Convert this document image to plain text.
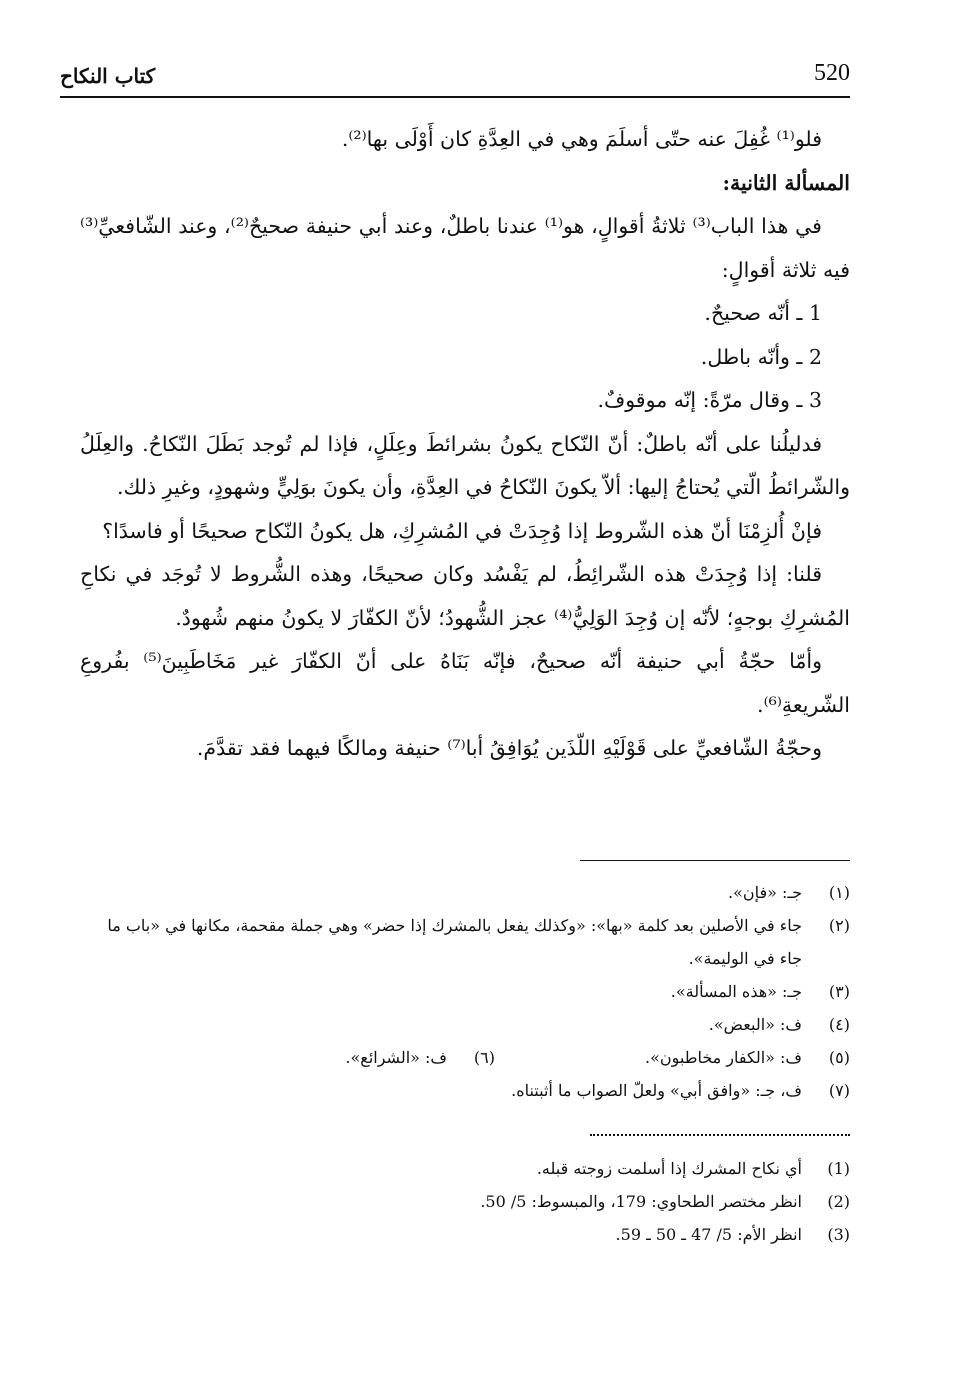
520
كتاب النكاح

فلو⁽¹⁾ غُفِلَ عنه حتّى أسلَمَ وهي في العِدَّةِ كان أَوْلَى بها⁽²⁾.

المسألة الثانية:

في هذا الباب⁽³⁾ ثلاثةُ أقوالٍ، هو⁽¹⁾ عندنا باطلٌ، وعند أبي حنيفة صحيحٌ⁽²⁾، وعند الشّافعيِّ⁽³⁾ فيه ثلاثة أقوالٍ:

1 ـ أنّه صحيحٌ.

2 ـ وأنّه باطل.

3 ـ وقال مرّةً: إنّه موقوفٌ.

فدليلُنا على أنّه باطلٌ: أنّ النّكاح يكونُ بشرائطَ وعِلَلٍ، فإذا لم تُوجد بَطَلَ النّكاحُ. والعِلَلُ والشّرائطُ الّتي يُحتاجُ إليها: ألاّ يكونَ النّكاحُ في العِدَّةِ، وأن يكونَ بوَلِيٍّ وشهودٍ، وغيرِ ذلك.

فإنْ أُلزِمْنَا أنّ هذه الشّروط إذا وُجِدَتْ في المُشرِكِ، هل يكونُ النّكاح صحيحًا أو فاسدًا؟

قلنا: إذا وُجِدَتْ هذه الشّرائِطُ، لم يَفْسُد وكان صحيحًا، وهذه الشُّروط لا تُوجَد في نكاحِ المُشرِكِ بوجهٍ؛ لأنّه إن وُجِدَ الوَلِيُّ⁽⁴⁾ عجز الشُّهودُ؛ لأنّ الكفّارَ لا يكونُ منهم شُهودٌ.

وأمّا حجّةُ أبي حنيفة أنّه صحيحٌ، فإنّه بَنَاهُ على أنّ الكفّارَ غير مَخَاطَبِينَ⁽⁵⁾ بفُروعِ الشّريعةِ⁽⁶⁾.

وحجّةُ الشّافعيِّ على قَوْلَيْهِ اللّذَين يُوَافِقُ أبا⁽⁷⁾ حنيفة ومالكًا فيهما فقد تقدَّمَ.

(١)
جـ: «فإن».
(٢)
جاء في الأصلين بعد كلمة «بها»: «وكذلك يفعل بالمشرك إذا حضر» وهي جملة مقحمة، مكانها في «باب ما جاء في الوليمة».
(٣)
جـ: «هذه المسألة».
(٤)
ف: «البعض».
(٥)
ف: «الكفار مخاطبون».
(٦)
ف: «الشرائع».
(٧)
ف، جـ: «وافق أبي» ولعلّ الصواب ما أثبتناه.
(1)
أي نكاح المشرك إذا أسلمت زوجته قبله.
(2)
انظر مختصر الطحاوي: 179، والمبسوط: 5/ 50.
(3)
انظر الأم: 5/ 47 ـ 50 ـ 59.
